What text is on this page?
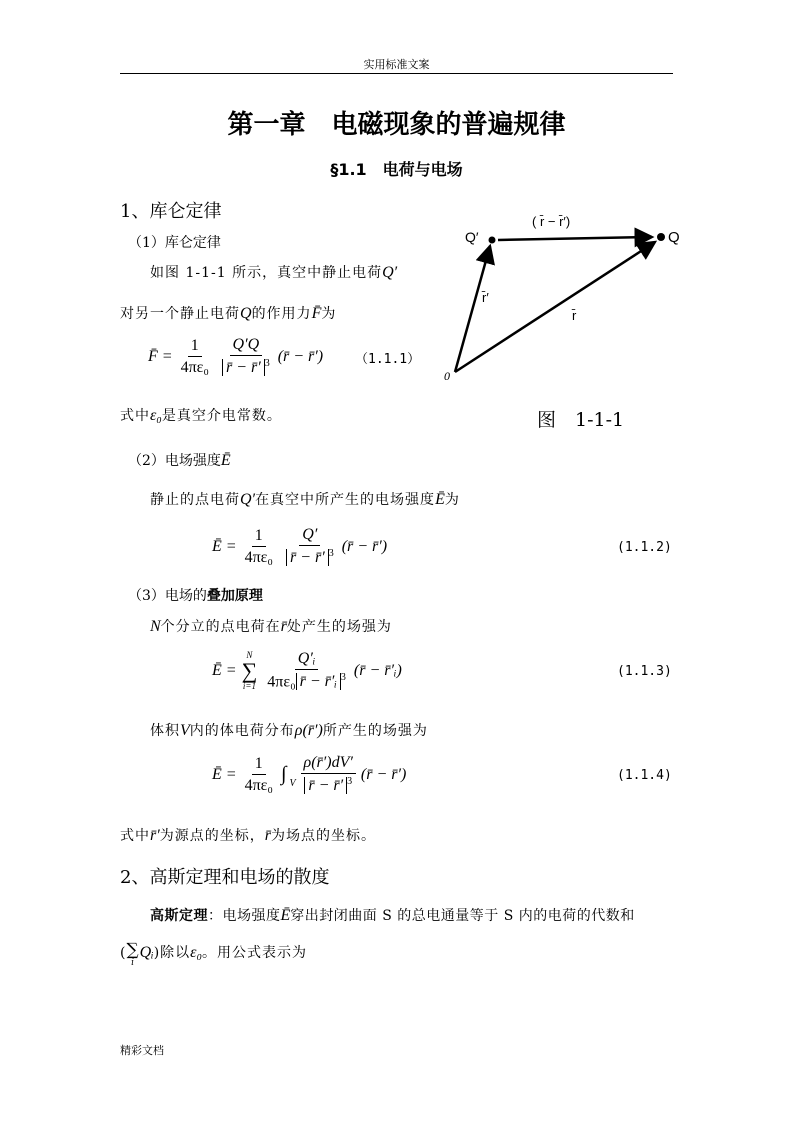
实用标准文案
第一章　电磁现象的普遍规律
§1.1　电荷与电场
1、库仑定律
（1）库仑定律
如图 1-1-1 所示，真空中静止电荷Q′
对另一个静止电荷Q的作用力F̄为
F̄ = $\frac{1}{\text{4πε₀}} \frac{Q'Q}{r̄ - r̄' ^3}$ (r̄ − r̄′) （1.1.1）
式中ε₀是真空介电常数。
Q′	Q
0
( r̄ − r̄′)
r̄′
r̄
图　1-1-1
（2）电场强度Ē
静止的点电荷Q′在真空中所产生的电场强度Ē为
Ē = $\frac{1}{\text{4πε₀}} \frac{Q'}{r̄ - r̄' ^3}$ (r̄ − r̄′)	(1.1.2)
（3）电场的叠加原理
N个分立的点电荷在r̄处产生的场强为
Ē =
N
∑
$i=1 \frac{\text{Q′ᵢ}}{4\pi\varepsilon_0 r̄ - r̄'ᵢ ^3}$ (r̄ − r̄′ᵢ)	(1.1.3)
体积V内的体电荷分布ρ(r̄′)所产生的场强为
Ē = $\frac{1}{\text{4πε₀}}$ ∫ $_V \frac{\rho(r̄')dV'}{r̄ - r̄' ^3}$ (r̄ − r̄′)	(1.1.4)
式中r̄′为源点的坐标，r̄为场点的坐标。
2、高斯定理和电场的散度
高斯定理：电场强度Ē穿出封闭曲面 S 的总电通量等于 S 内的电荷的代数和
( ∑
i
Qᵢ)除以ε₀。用公式表示为
精彩文档
